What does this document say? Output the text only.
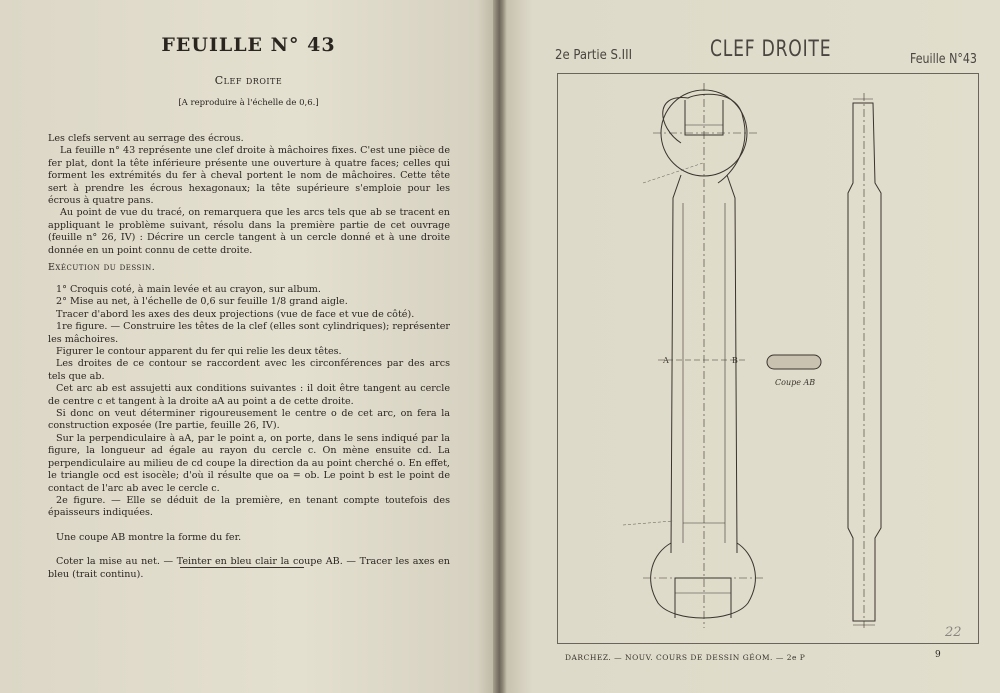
FEUILLE N° 43
Clef droite
[A reproduire à l'échelle de 0,6.]

Les clefs servent au serrage des écrous.

La feuille n° 43 représente une clef droite à mâchoires fixes. C'est une pièce de fer plat, dont la tête inférieure présente une ouverture à quatre faces; celles qui forment les extrémités du fer à cheval portent le nom de mâchoires. Cette tête sert à prendre les écrous hexagonaux; la tête supérieure s'emploie pour les écrous à quatre pans.

Au point de vue du tracé, on remarquera que les arcs tels que ab se tracent en appliquant le problème suivant, résolu dans la première partie de cet ouvrage (feuille n° 26, IV) : Décrire un cercle tangent à un cercle donné et à une droite donnée en un point connu de cette droite.

Exécution du dessin.

1° Croquis coté, à main levée et au crayon, sur album.

2° Mise au net, à l'échelle de 0,6 sur feuille 1/8 grand aigle.

Tracer d'abord les axes des deux projections (vue de face et vue de côté).

1re figure. — Construire les têtes de la clef (elles sont cylindriques); représenter les mâchoires.

Figurer le contour apparent du fer qui relie les deux têtes.

Les droites de ce contour se raccordent avec les circonférences par des arcs tels que ab.

Cet arc ab est assujetti aux conditions suivantes : il doit être tangent au cercle de centre c et tangent à la droite aA au point a de cette droite.

Si donc on veut déterminer rigoureusement le centre o de cet arc, on fera la construction exposée (Ire partie, feuille 26, IV).

Sur la perpendiculaire à aA, par le point a, on porte, dans le sens indiqué par la figure, la longueur ad égale au rayon du cercle c. On mène ensuite cd. La perpendiculaire au milieu de cd coupe la direction da au point cherché o. En effet, le triangle ocd est isocèle; d'où il résulte que oa = ob. Le point b est le point de contact de l'arc ab avec le cercle c.

2e figure. — Elle se déduit de la première, en tenant compte toutefois des épaisseurs indiquées.

Une coupe AB montre la forme du fer.

Coter la mise au net. — Teinter en bleu clair la coupe AB. — Tracer les axes en bleu (trait continu).

2e Partie S.III	CLEF DROITE	Feuille N°43
A	B
Coupe AB
DARCHEZ. — NOUV. COURS DE DESSIN GÉOM. — 2e P	9
22
